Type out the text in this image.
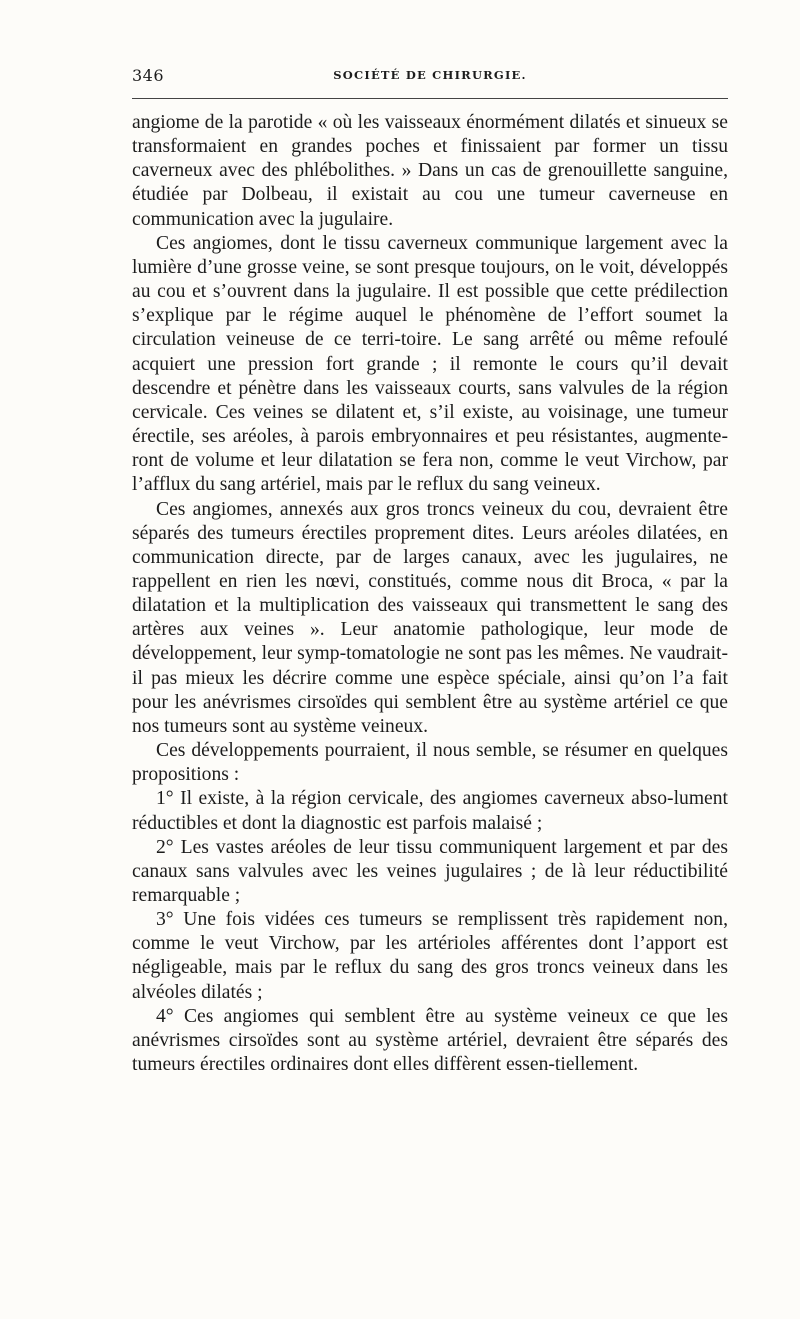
346	SOCIÉTÉ DE CHIRURGIE.

angiome de la parotide « où les vaisseaux énormément dilatés et sinueux se transformaient en grandes poches et finissaient par former un tissu caverneux avec des phlébolithes. » Dans un cas de grenouillette sanguine, étudiée par Dolbeau, il existait au cou une tumeur caverneuse en communication avec la jugulaire.

Ces angiomes, dont le tissu caverneux communique largement avec la lumière d’une grosse veine, se sont presque toujours, on le voit, développés au cou et s’ouvrent dans la jugulaire. Il est possible que cette prédilection s’explique par le régime auquel le phénomène de l’effort soumet la circulation veineuse de ce terri-toire. Le sang arrêté ou même refoulé acquiert une pression fort grande ; il remonte le cours qu’il devait descendre et pénètre dans les vaisseaux courts, sans valvules de la région cervicale. Ces veines se dilatent et, s’il existe, au voisinage, une tumeur érectile, ses aréoles, à parois embryonnaires et peu résistantes, augmente-ront de volume et leur dilatation se fera non, comme le veut Virchow, par l’afflux du sang artériel, mais par le reflux du sang veineux.

Ces angiomes, annexés aux gros troncs veineux du cou, devraient être séparés des tumeurs érectiles proprement dites. Leurs aréoles dilatées, en communication directe, par de larges canaux, avec les jugulaires, ne rappellent en rien les nœvi, constitués, comme nous dit Broca, « par la dilatation et la multiplication des vaisseaux qui transmettent le sang des artères aux veines ». Leur anatomie pathologique, leur mode de développement, leur symp-tomatologie ne sont pas les mêmes. Ne vaudrait-il pas mieux les décrire comme une espèce spéciale, ainsi qu’on l’a fait pour les anévrismes cirsoïdes qui semblent être au système artériel ce que nos tumeurs sont au système veineux.

Ces développements pourraient, il nous semble, se résumer en quelques propositions :

1° Il existe, à la région cervicale, des angiomes caverneux abso-lument réductibles et dont la diagnostic est parfois malaisé ;

2° Les vastes aréoles de leur tissu communiquent largement et par des canaux sans valvules avec les veines jugulaires ; de là leur réductibilité remarquable ;

3° Une fois vidées ces tumeurs se remplissent très rapidement non, comme le veut Virchow, par les artérioles afférentes dont l’apport est négligeable, mais par le reflux du sang des gros troncs veineux dans les alvéoles dilatés ;

4° Ces angiomes qui semblent être au système veineux ce que les anévrismes cirsoïdes sont au système artériel, devraient être séparés des tumeurs érectiles ordinaires dont elles diffèrent essen-tiellement.
